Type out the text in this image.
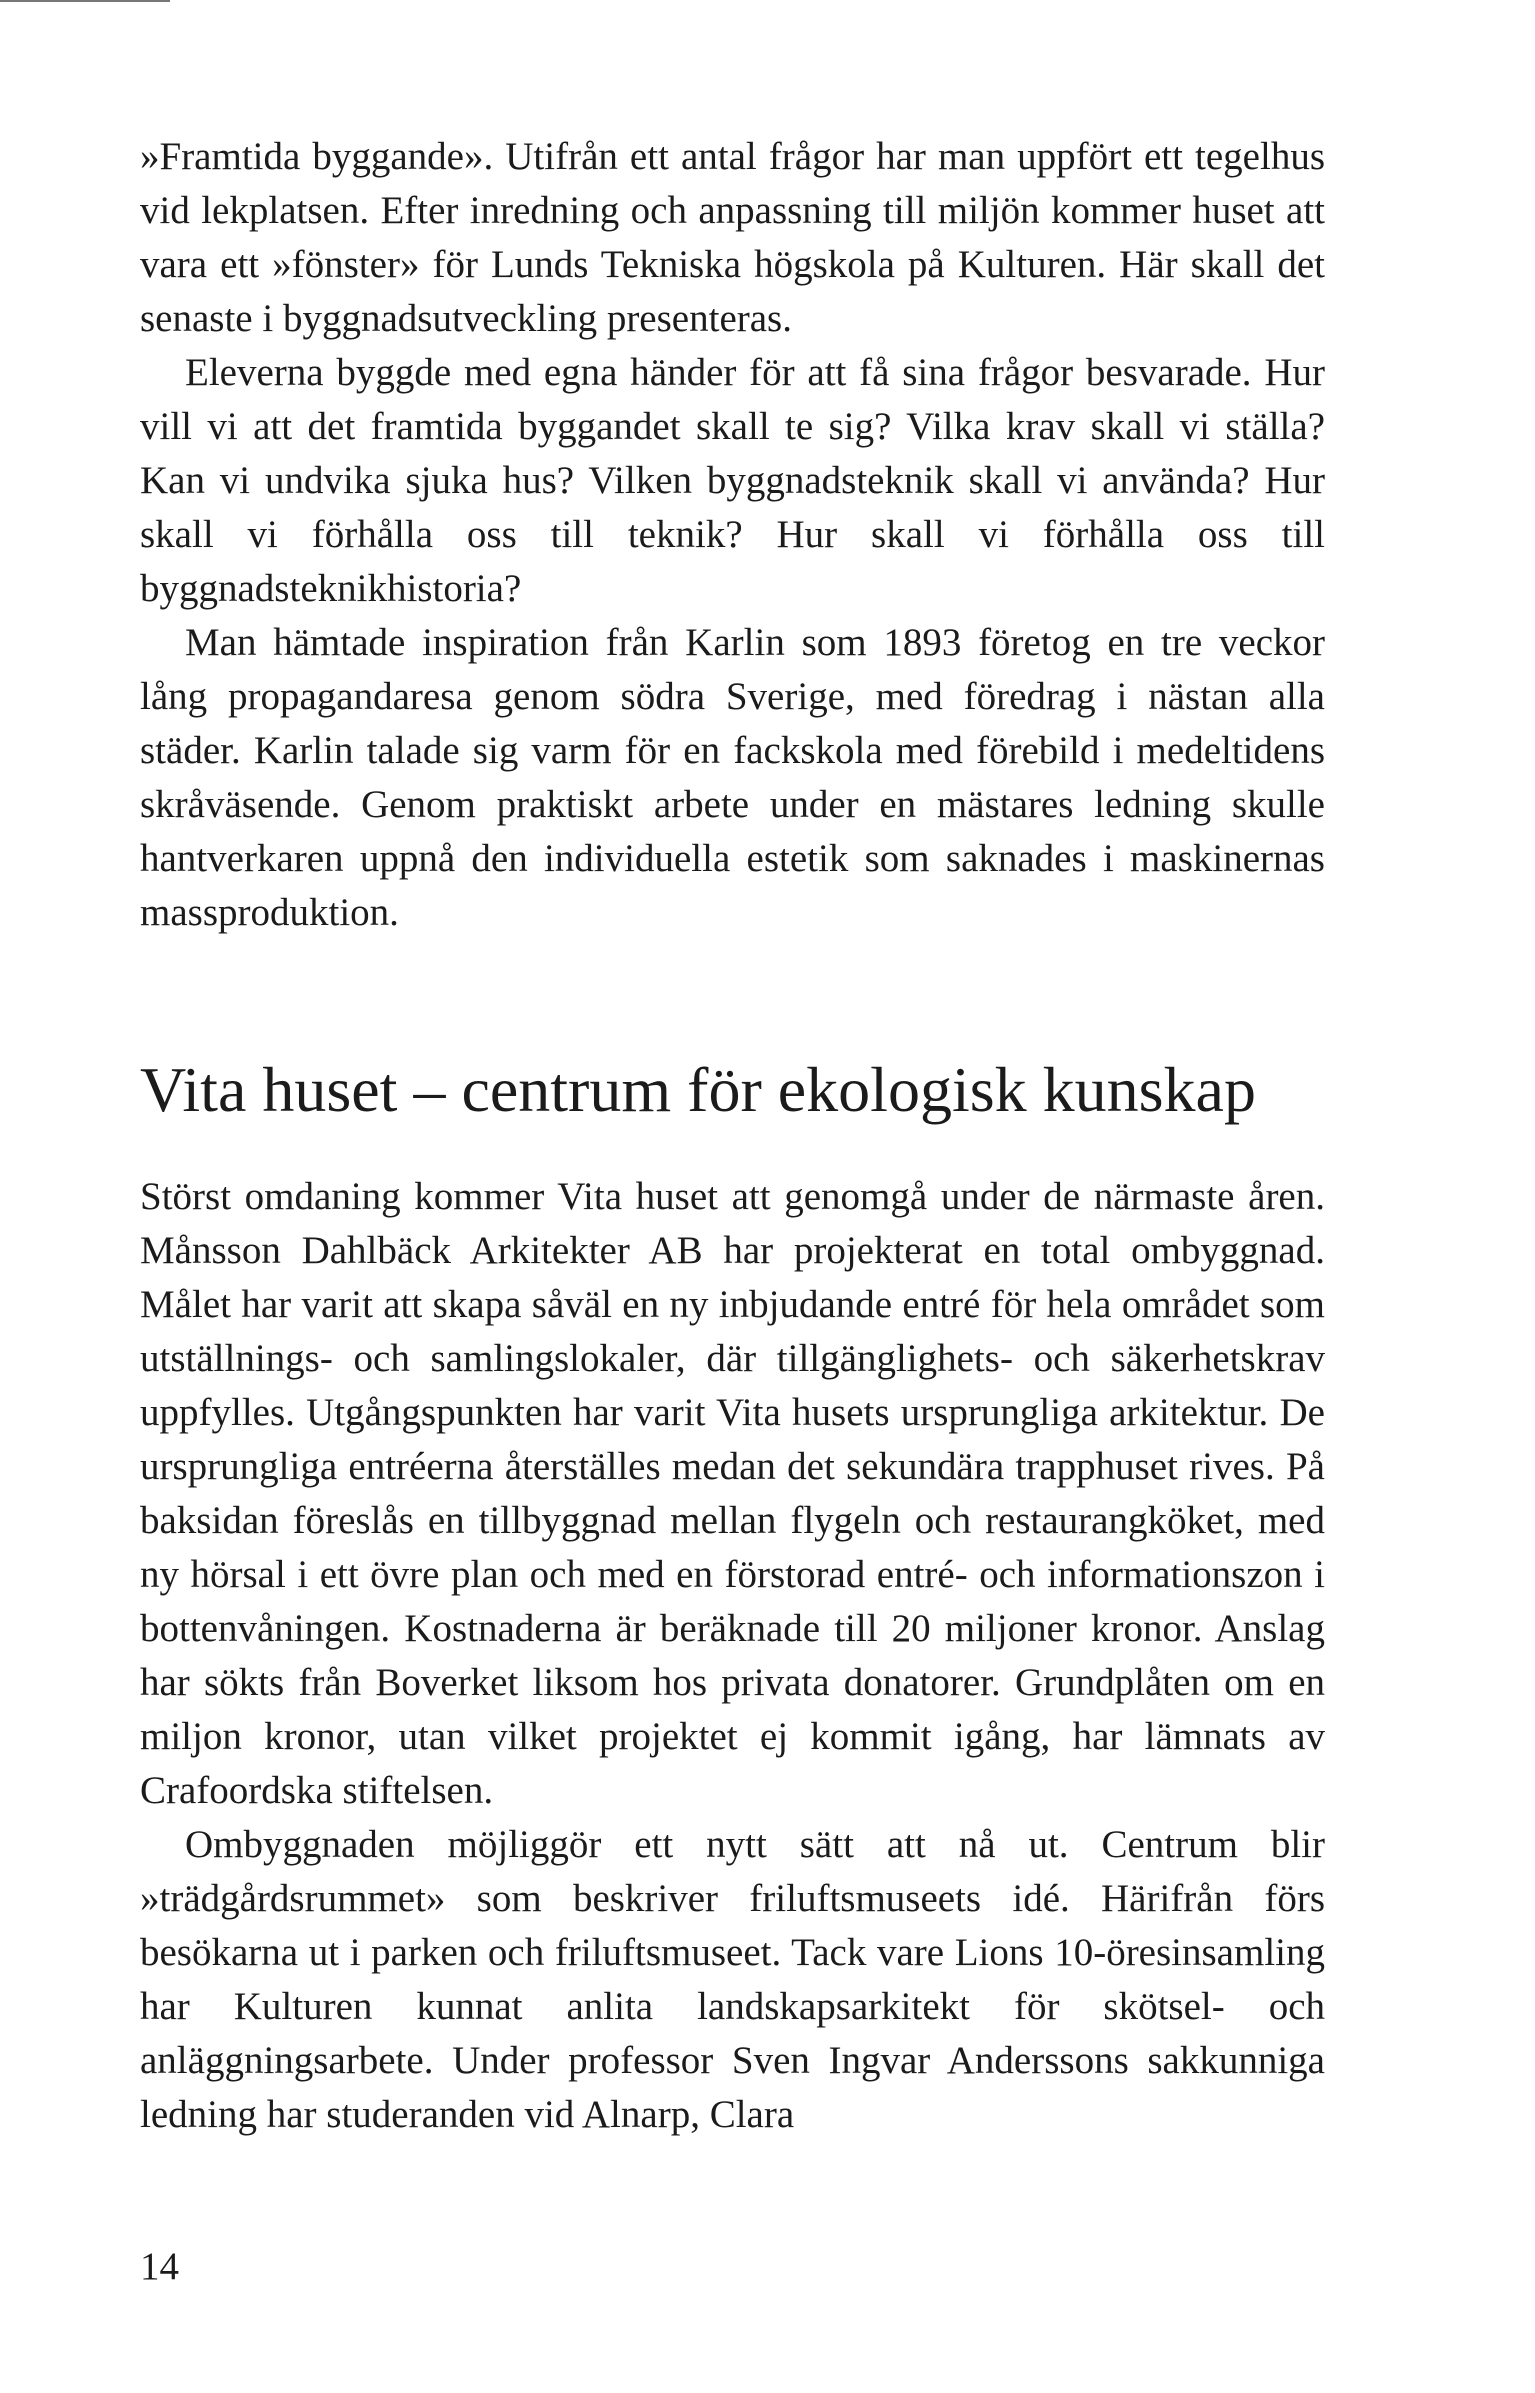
»Framtida byggande». Utifrån ett antal frågor har man uppfört ett tegelhus vid lekplatsen. Efter inredning och anpassning till miljön kommer huset att vara ett »fönster» för Lunds Tekniska högskola på Kulturen. Här skall det senaste i byggnadsutveckling presenteras.

Eleverna byggde med egna händer för att få sina frågor besvarade. Hur vill vi att det framtida byggandet skall te sig? Vilka krav skall vi ställa? Kan vi undvika sjuka hus? Vilken byggnadsteknik skall vi använda? Hur skall vi förhålla oss till teknik? Hur skall vi förhålla oss till byggnadsteknikhistoria?

Man hämtade inspiration från Karlin som 1893 företog en tre veckor lång propagandaresa genom södra Sverige, med föredrag i nästan alla städer. Karlin talade sig varm för en fackskola med förebild i medeltidens skråväsende. Genom praktiskt arbete under en mästares ledning skulle hantverkaren uppnå den individuella estetik som saknades i maskinernas massproduktion.

Vita huset – centrum för ekologisk kunskap

Störst omdaning kommer Vita huset att genomgå under de närmaste åren. Månsson Dahlbäck Arkitekter AB har projekterat en total ombyggnad. Målet har varit att skapa såväl en ny inbjudande entré för hela området som utställnings- och samlingslokaler, där tillgänglighets- och säkerhetskrav uppfylles. Utgångspunkten har varit Vita husets ursprungliga arkitektur. De ursprungliga entréerna återställes medan det sekundära trapphuset rives. På baksidan föreslås en tillbyggnad mellan flygeln och restaurangköket, med ny hörsal i ett övre plan och med en förstorad entré- och informationszon i bottenvåningen. Kostnaderna är beräknade till 20 miljoner kronor. Anslag har sökts från Boverket liksom hos privata donatorer. Grundplåten om en miljon kronor, utan vilket projektet ej kommit igång, har lämnats av Crafoordska stiftelsen.

Ombyggnaden möjliggör ett nytt sätt att nå ut. Centrum blir »trädgårdsrummet» som beskriver friluftsmuseets idé. Härifrån förs besökarna ut i parken och friluftsmuseet. Tack vare Lions 10-öresinsamling har Kulturen kunnat anlita landskapsarkitekt för skötsel- och anläggningsarbete. Under professor Sven Ingvar Anderssons sakkunniga ledning har studeranden vid Alnarp, Clara

14
